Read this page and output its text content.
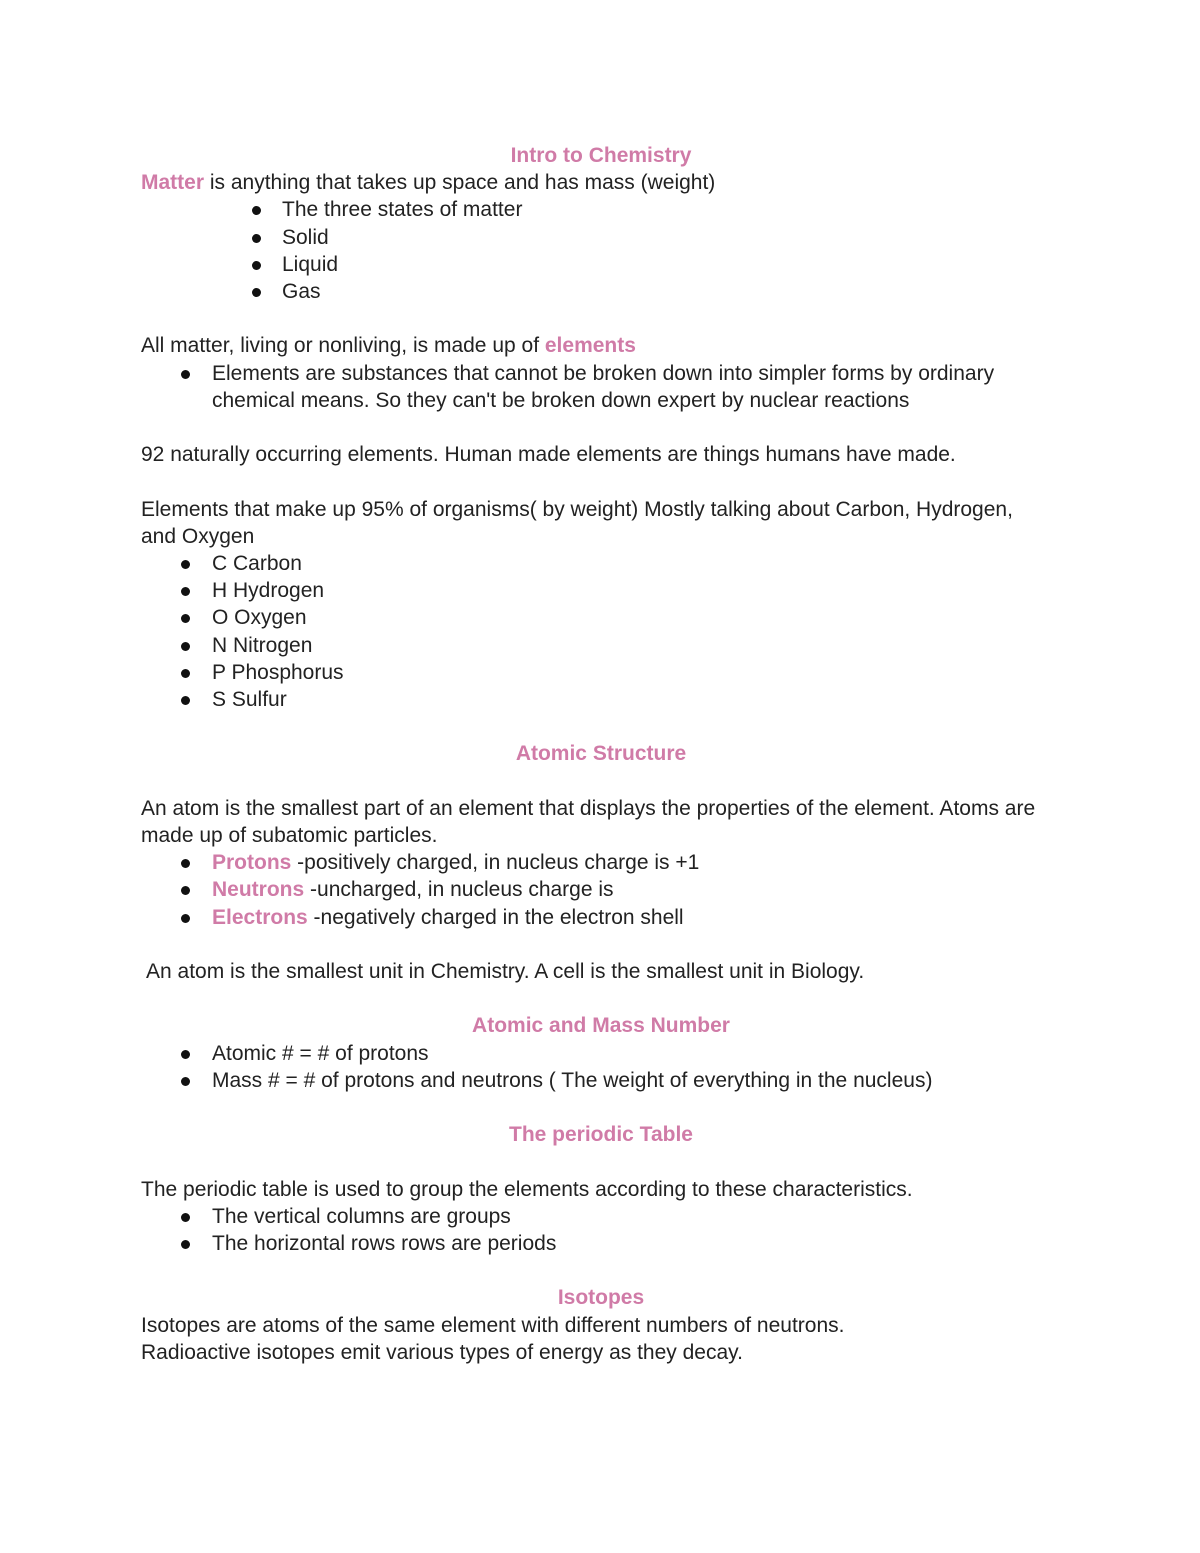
Intro to Chemistry

Matter is anything that takes up space and has mass (weight)

The three states of matter
Solid
Liquid
Gas

All matter, living or nonliving, is made up of elements

Elements are substances that cannot be broken down into simpler forms by ordinary chemical means. So they can't be broken down expert by nuclear reactions

92 naturally occurring elements. Human made elements are things humans have made.

Elements that make up 95% of organisms( by weight) Mostly talking about Carbon, Hydrogen, and Oxygen

C Carbon
H Hydrogen
O Oxygen
N Nitrogen
P Phosphorus
S Sulfur
Atomic Structure

An atom is the smallest part of an element that displays the properties of the element. Atoms are made up of subatomic particles.

Protons -positively charged, in nucleus charge is +1
Neutrons -uncharged, in nucleus charge is
Electrons -negatively charged in the electron shell

An atom is the smallest unit in Chemistry. A cell is the smallest unit in Biology.

Atomic and Mass Number
Atomic # = # of protons
Mass # = # of protons and neutrons ( The weight of everything in the nucleus)
The periodic Table

The periodic table is used to group the elements according to these characteristics.

The vertical columns are groups
The horizontal rows rows are periods
Isotopes

Isotopes are atoms of the same element with different numbers of neutrons.

Radioactive isotopes emit various types of energy as they decay.
